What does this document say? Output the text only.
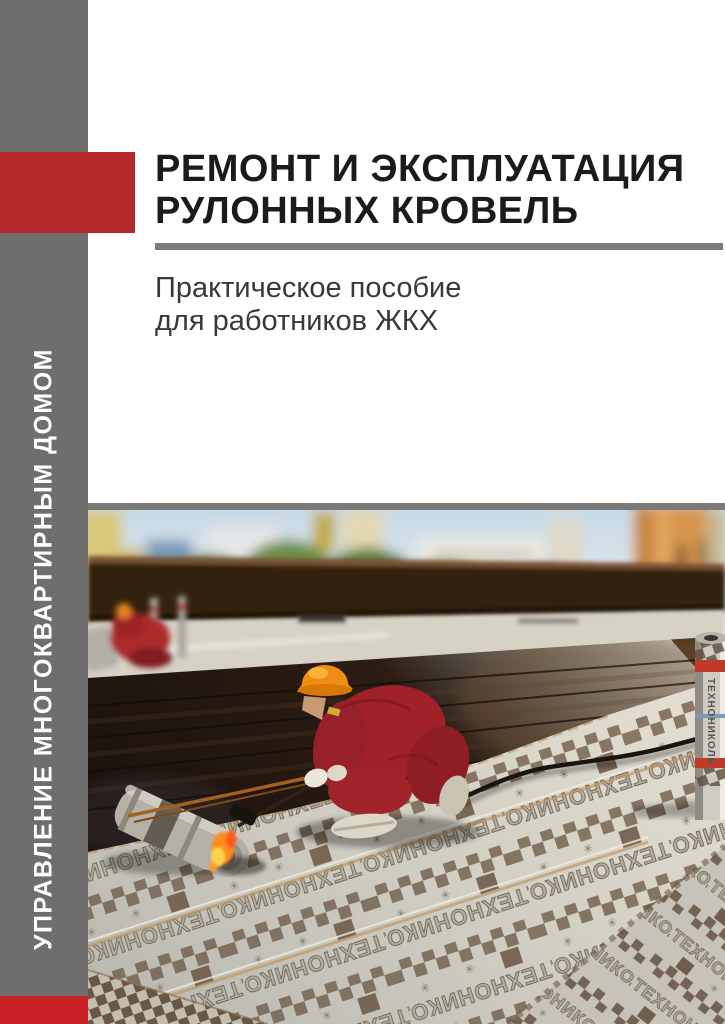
УПРАВЛЕНИЕ МНОГОКВАРТИРНЫМ ДОМОМ
РЕМОНТ И ЭКСПЛУАТАЦИЯ
РУЛОННЫХ КРОВЕЛЬ
Практическое пособие
для работников ЖКХ
ТЕХНОНИКОЛЬ
